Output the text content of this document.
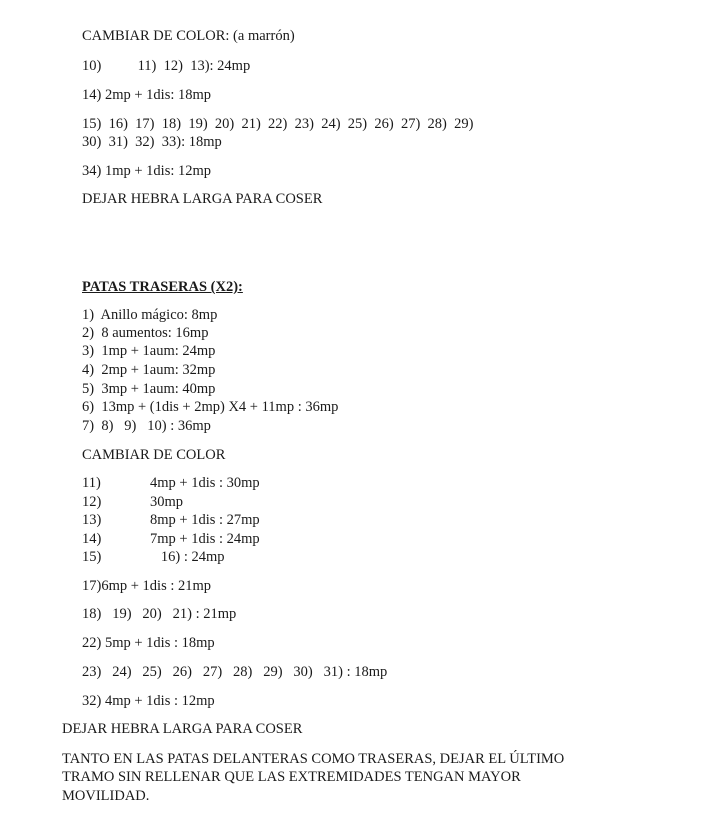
CAMBIAR DE COLOR: (a marrón)
10)          11)  12)  13): 24mp
14) 2mp + 1dis: 18mp
15)  16)  17)  18)  19)  20)  21)  22)  23)  24)  25)  26)  27)  28)  29)
30)  31)  32)  33): 18mp
34) 1mp + 1dis: 12mp
DEJAR HEBRA LARGA PARA COSER
PATAS TRASERAS (X2):
1)  Anillo mágico: 8mp
2)  8 aumentos: 16mp
3)  1mp + 1aum: 24mp
4)  2mp + 1aum: 32mp
5)  3mp + 1aum: 40mp
6)  13mp + (1dis + 2mp) X4 + 11mp : 36mp
7)  8)   9)   10) : 36mp
CAMBIAR DE COLOR
11)	4mp + 1dis : 30mp
12)	30mp
13)	8mp + 1dis : 27mp
14)	7mp + 1dis : 24mp
15)	16) : 24mp
17)6mp + 1dis : 21mp
18)   19)   20)   21) : 21mp
22) 5mp + 1dis : 18mp
23)   24)   25)   26)   27)   28)   29)   30)   31) : 18mp
32) 4mp + 1dis : 12mp
DEJAR HEBRA LARGA PARA COSER
TANTO EN LAS PATAS DELANTERAS COMO TRASERAS, DEJAR EL ÚLTIMO
TRAMO SIN RELLENAR QUE LAS EXTREMIDADES TENGAN MAYOR
MOVILIDAD.
